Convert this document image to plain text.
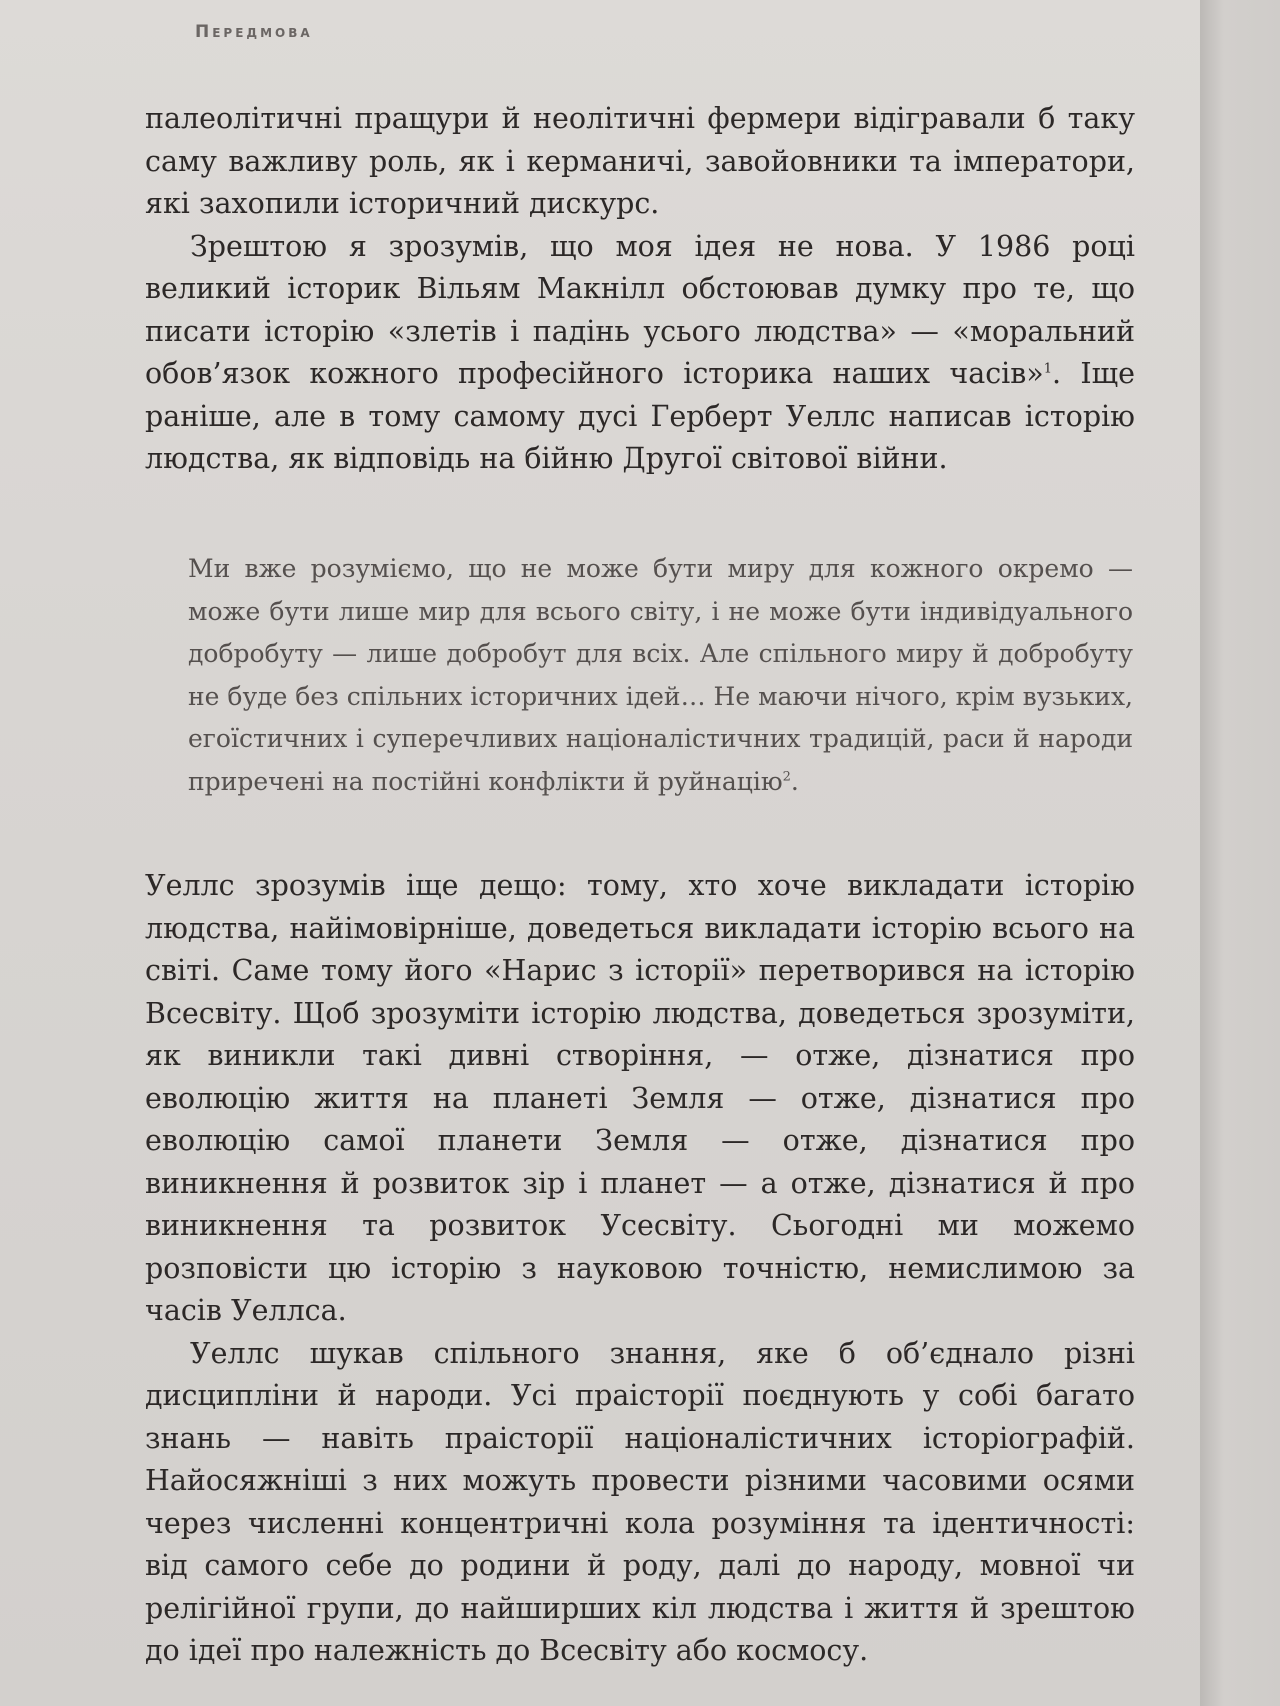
Передмова

палеолітичні пращури й неолітичні фермери відігравали б таку саму важливу роль, як і керманичі, завойовники та імператори, які захопили історичний дискурс.

Зрештою я зрозумів, що моя ідея не нова. У 1986 році великий історик Вільям Макнілл обстоював думку про те, що писати історію «злетів і падінь усього людства» — «моральний обов’язок кожного професійного історика наших часів»$^1$. Іще раніше, але в тому самому дусі Герберт Уеллс написав історію людства, як відповідь на бійню Другої світової війни.

Ми вже розуміємо, що не може бути миру для кожного окремо — може бути лише мир для всього світу, і не може бути індивідуального добробуту — лише добробут для всіх. Але спільного миру й добробуту не буде без спільних історичних ідей… Не маючи нічого, крім вузьких, егоїстичних і суперечливих націоналістичних традицій, раси й народи приречені на постійні конфлікти й руйнацію$^2$.

Уеллс зрозумів іще дещо: тому, хто хоче викладати історію людства, найімовірніше, доведеться викладати історію всього на світі. Саме тому його «Нарис з історії» перетворився на історію Всесвіту. Щоб зрозуміти історію людства, доведеться зрозуміти, як виникли такі дивні створіння, — отже, дізнатися про еволюцію життя на планеті Земля — отже, дізнатися про еволюцію самої планети Земля — отже, дізнатися про виникнення й розвиток зір і планет — а отже, дізнатися й про виникнення та розвиток Усесвіту. Сьогодні ми можемо розповісти цю історію з науковою точністю, немислимою за часів Уеллса.

Уеллс шукав спільного знання, яке б об’єднало різні дисципліни й народи. Усі праісторії поєднують у собі багато знань — навіть праісторії націоналістичних історіографій. Найосяжніші з них можуть провести різними часовими осями через численні концентричні кола розуміння та ідентичності: від самого себе до родини й роду, далі до народу, мовної чи релігійної групи, до найширших кіл людства і життя й зрештою до ідеї про належність до Всесвіту або космосу.
